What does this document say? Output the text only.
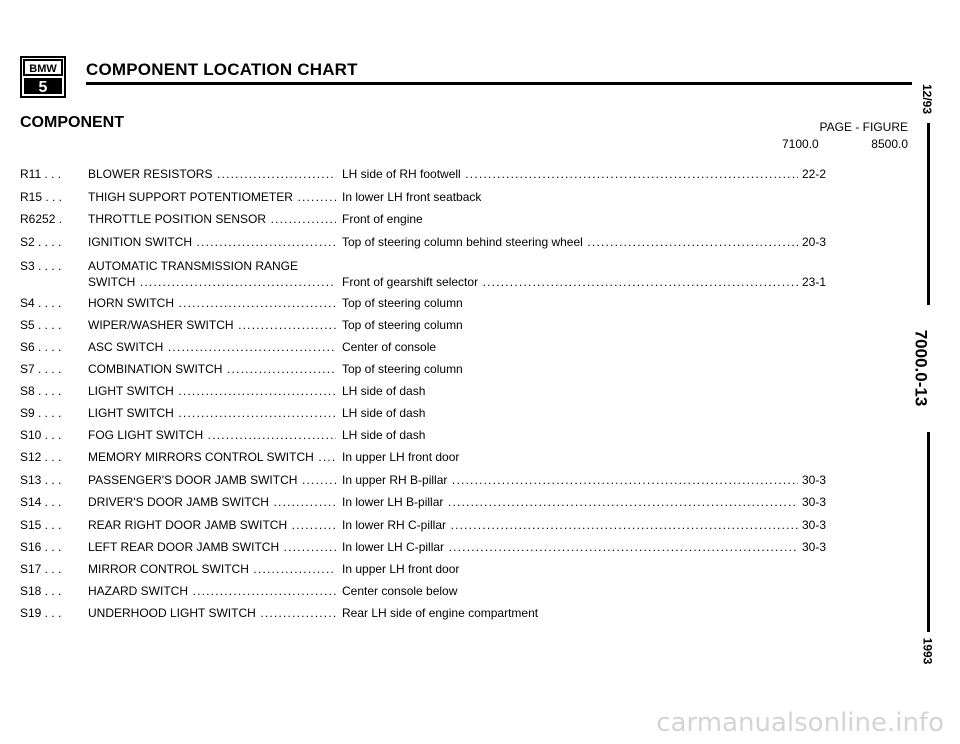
BMW
5
COMPONENT LOCATION CHART
COMPONENT	PAGE - FIGURE
7100.0	8500.0
R11 . . .	BLOWER RESISTORS .....	LH side of RH footwell .....	22-2
R15 . . .	THIGH SUPPORT POTENTIOMETER .....	In lower LH front seatback
R6252 .	THROTTLE POSITION SENSOR .....	Front of engine
S2 . . . .	IGNITION SWITCH .....	Top of steering column behind steering wheel .....	20-3
S3 . . . .	AUTOMATIC TRANSMISSION RANGE
SWITCH .....	Front of gearshift selector .....	23-1
S4 . . . .	HORN SWITCH .....	Top of steering column
S5 . . . .	WIPER/WASHER SWITCH .....	Top of steering column
S6 . . . .	ASC SWITCH .....	Center of console
S7 . . . .	COMBINATION SWITCH .....	Top of steering column
S8 . . . .	LIGHT SWITCH .....	LH side of dash
S9 . . . .	LIGHT SWITCH .....	LH side of dash
S10 . . .	FOG LIGHT SWITCH .....	LH side of dash
S12 . . .	MEMORY MIRRORS CONTROL SWITCH .....	In upper LH front door
S13 . . .	PASSENGER'S DOOR JAMB SWITCH .....	In upper RH B-pillar .....	30-3
S14 . . .	DRIVER'S DOOR JAMB SWITCH .....	In lower LH B-pillar .....	30-3
S15 . . .	REAR RIGHT DOOR JAMB SWITCH .....	In lower RH C-pillar .....	30-3
S16 . . .	LEFT REAR DOOR JAMB SWITCH .....	In lower LH C-pillar .....	30-3
S17 . . .	MIRROR CONTROL SWITCH .....	In upper LH front door
S18 . . .	HAZARD SWITCH .....	Center console below
S19 . . .	UNDERHOOD LIGHT SWITCH .....	Rear LH side of engine compartment
12/93
7000.0-13
1993
carmanualsonline.info
